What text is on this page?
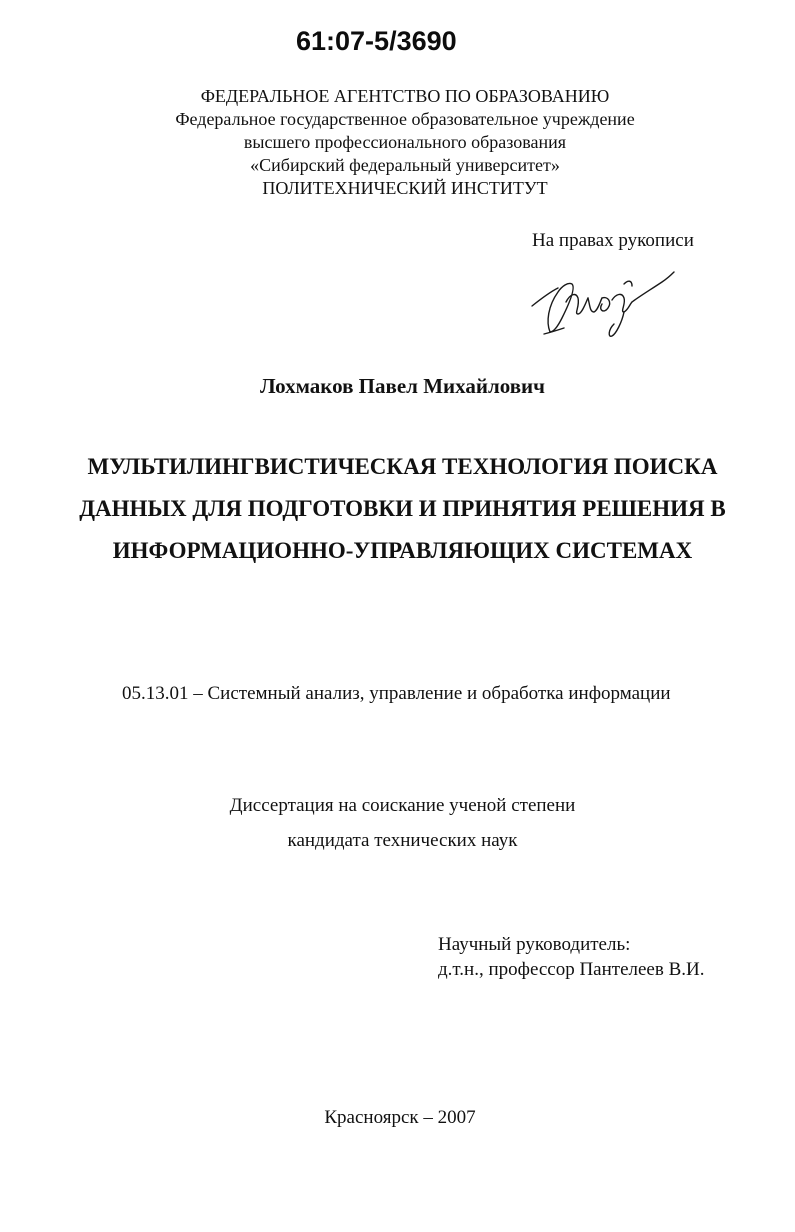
61:07-5/3690
ФЕДЕРАЛЬНОЕ АГЕНТСТВО ПО ОБРАЗОВАНИЮ
Федеральное государственное образовательное учреждение
высшего профессионального образования
«Сибирский федеральный университет»
ПОЛИТЕХНИЧЕСКИЙ ИНСТИТУТ
На правах рукописи
Лохмаков Павел Михайлович
МУЛЬТИЛИНГВИСТИЧЕСКАЯ ТЕХНОЛОГИЯ ПОИСКА
ДАННЫХ ДЛЯ ПОДГОТОВКИ И ПРИНЯТИЯ РЕШЕНИЯ В
ИНФОРМАЦИОННО-УПРАВЛЯЮЩИХ СИСТЕМАХ
05.13.01 – Системный анализ, управление и обработка информации
Диссертация на соискание ученой степени
кандидата технических наук
Научный руководитель:
д.т.н., профессор Пантелеев В.И.
Красноярск – 2007
